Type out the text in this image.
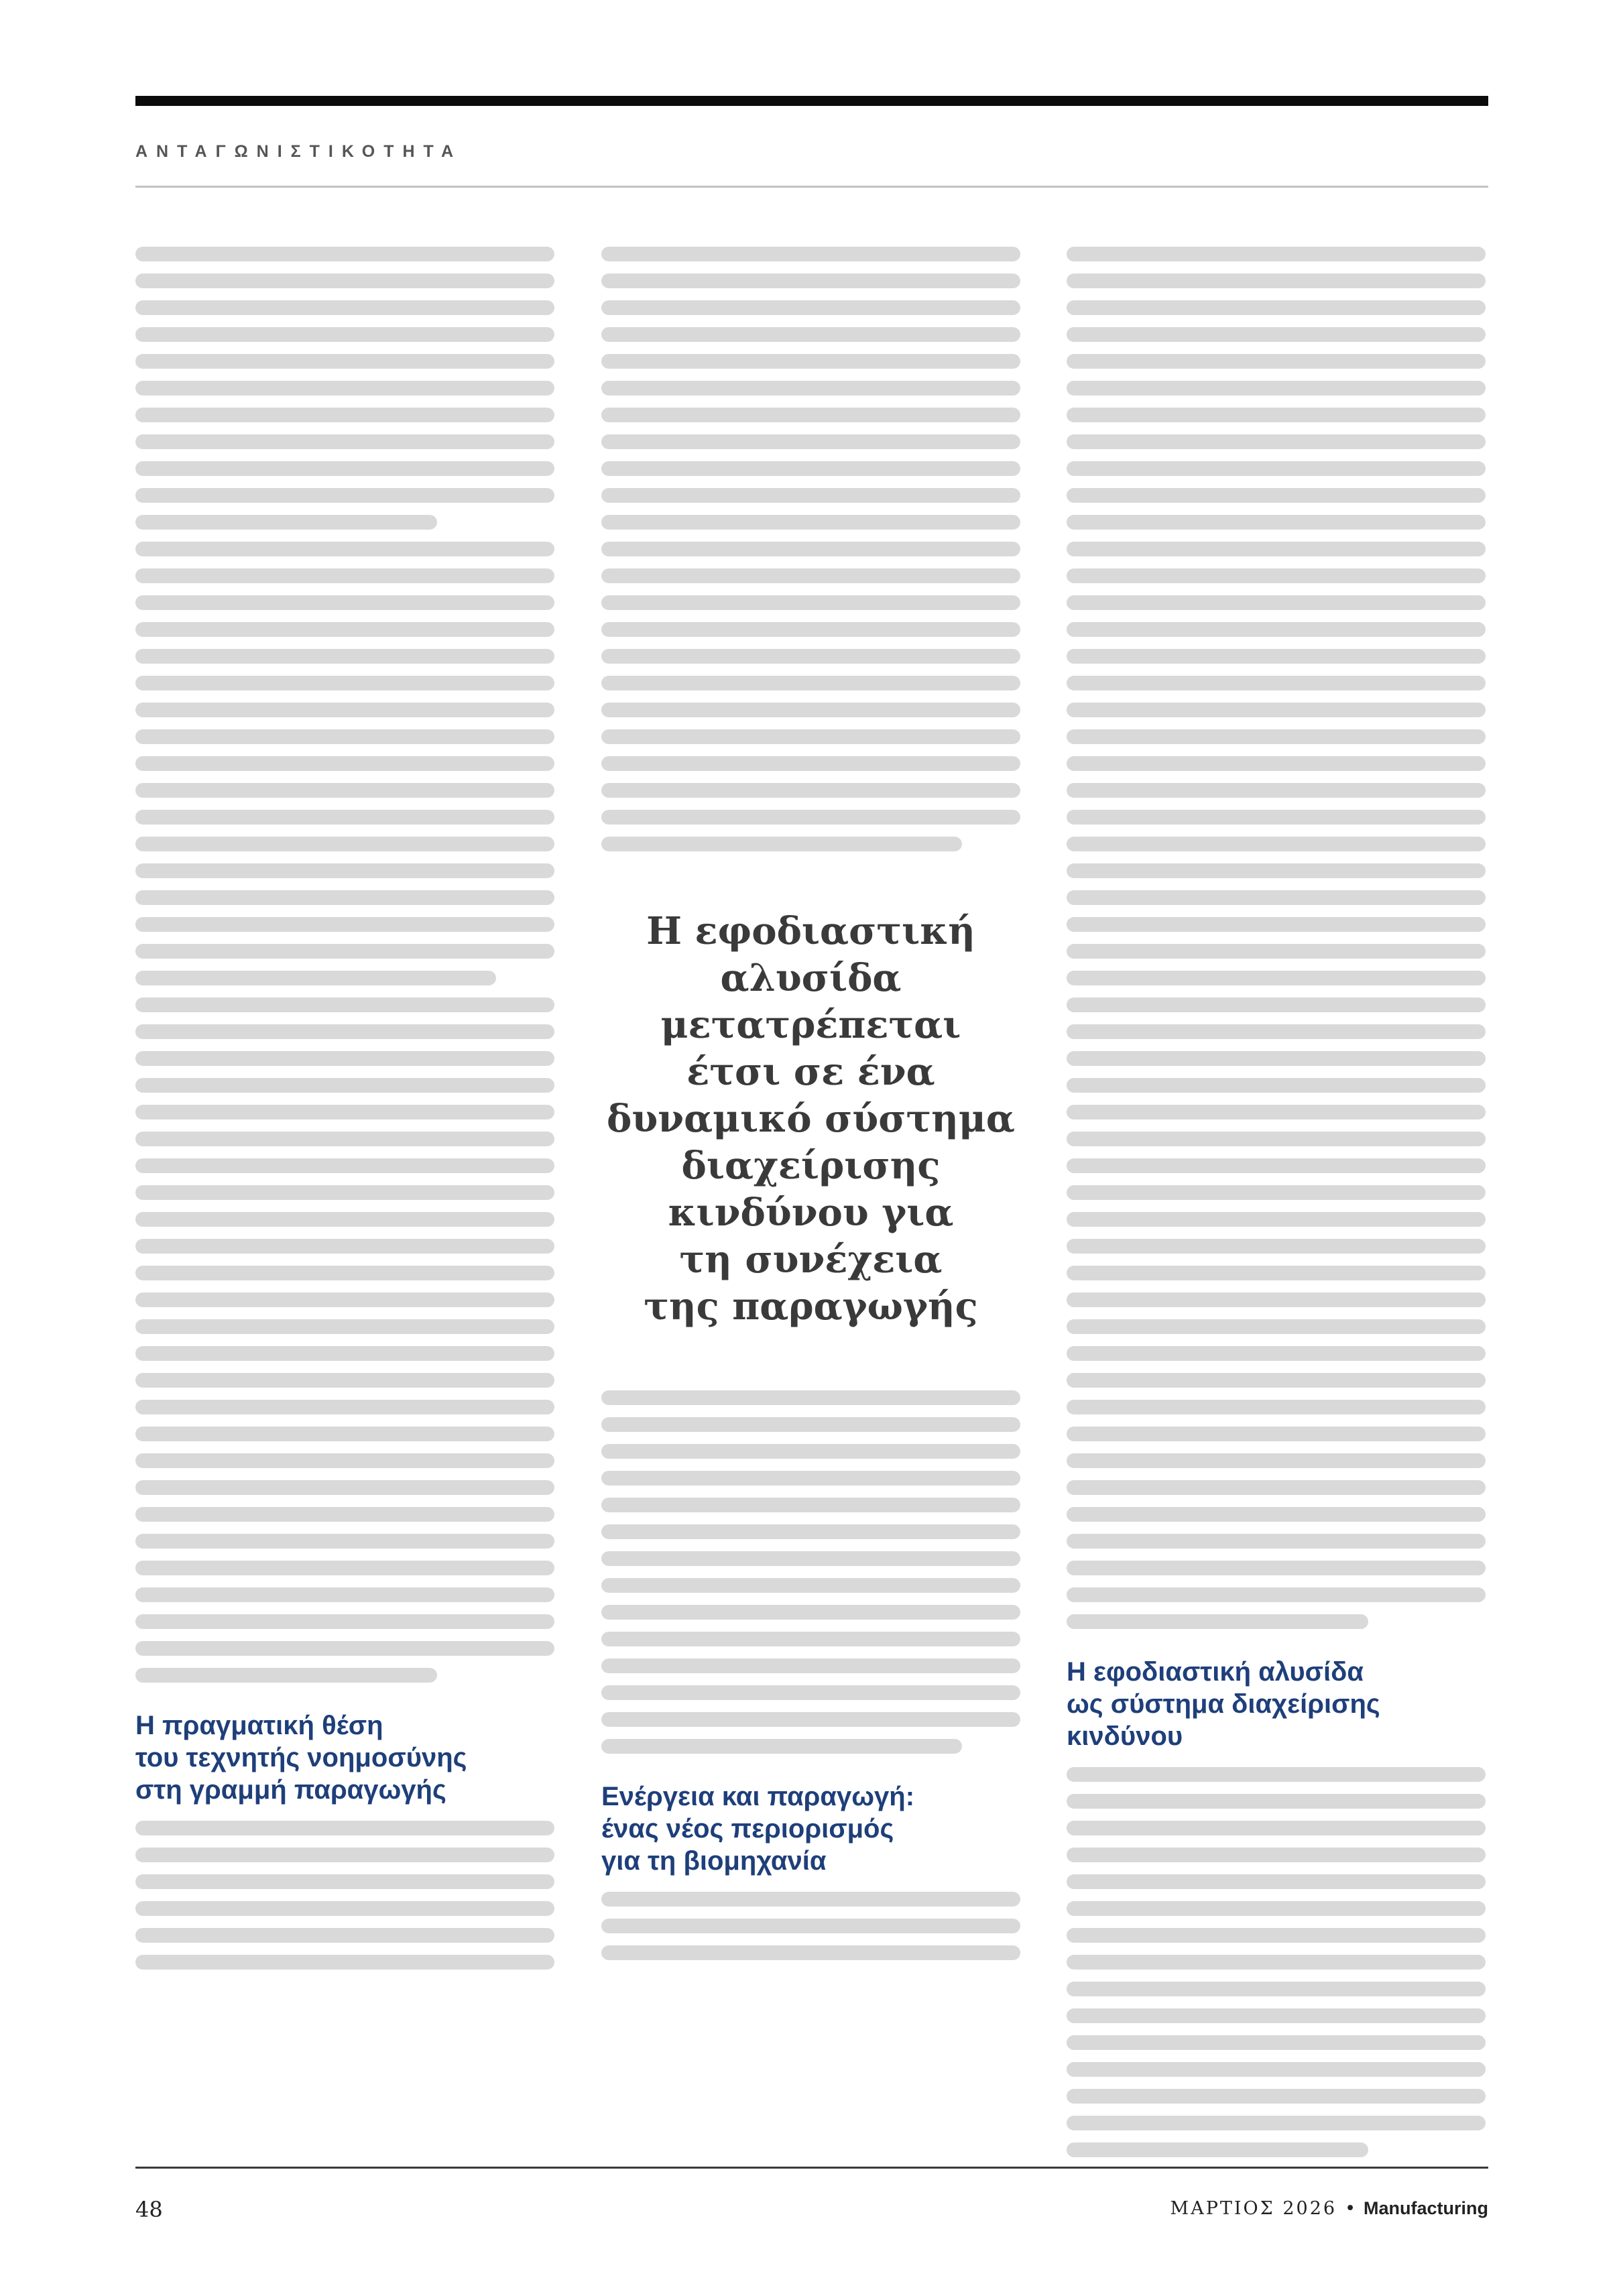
ΑΝΤΑΓΩΝΙΣΤΙΚΟΤΗΤΑ
Η πραγματική θέση
του τεχνητής νοημοσύνης
στη γραμμή παραγωγής
Η εφοδιαστική
αλυσίδα
μετατρέπεται
έτσι σε ένα
δυναμικό σύστημα
διαχείρισης
κινδύνου για
τη συνέχεια
της παραγωγής
Ενέργεια και παραγωγή:
ένας νέος περιορισμός
για τη βιομηχανία
Η εφοδιαστική αλυσίδα
ως σύστημα διαχείρισης
κινδύνου
48	ΜΑΡΤΙΟΣ 2026 • Manufacturing
